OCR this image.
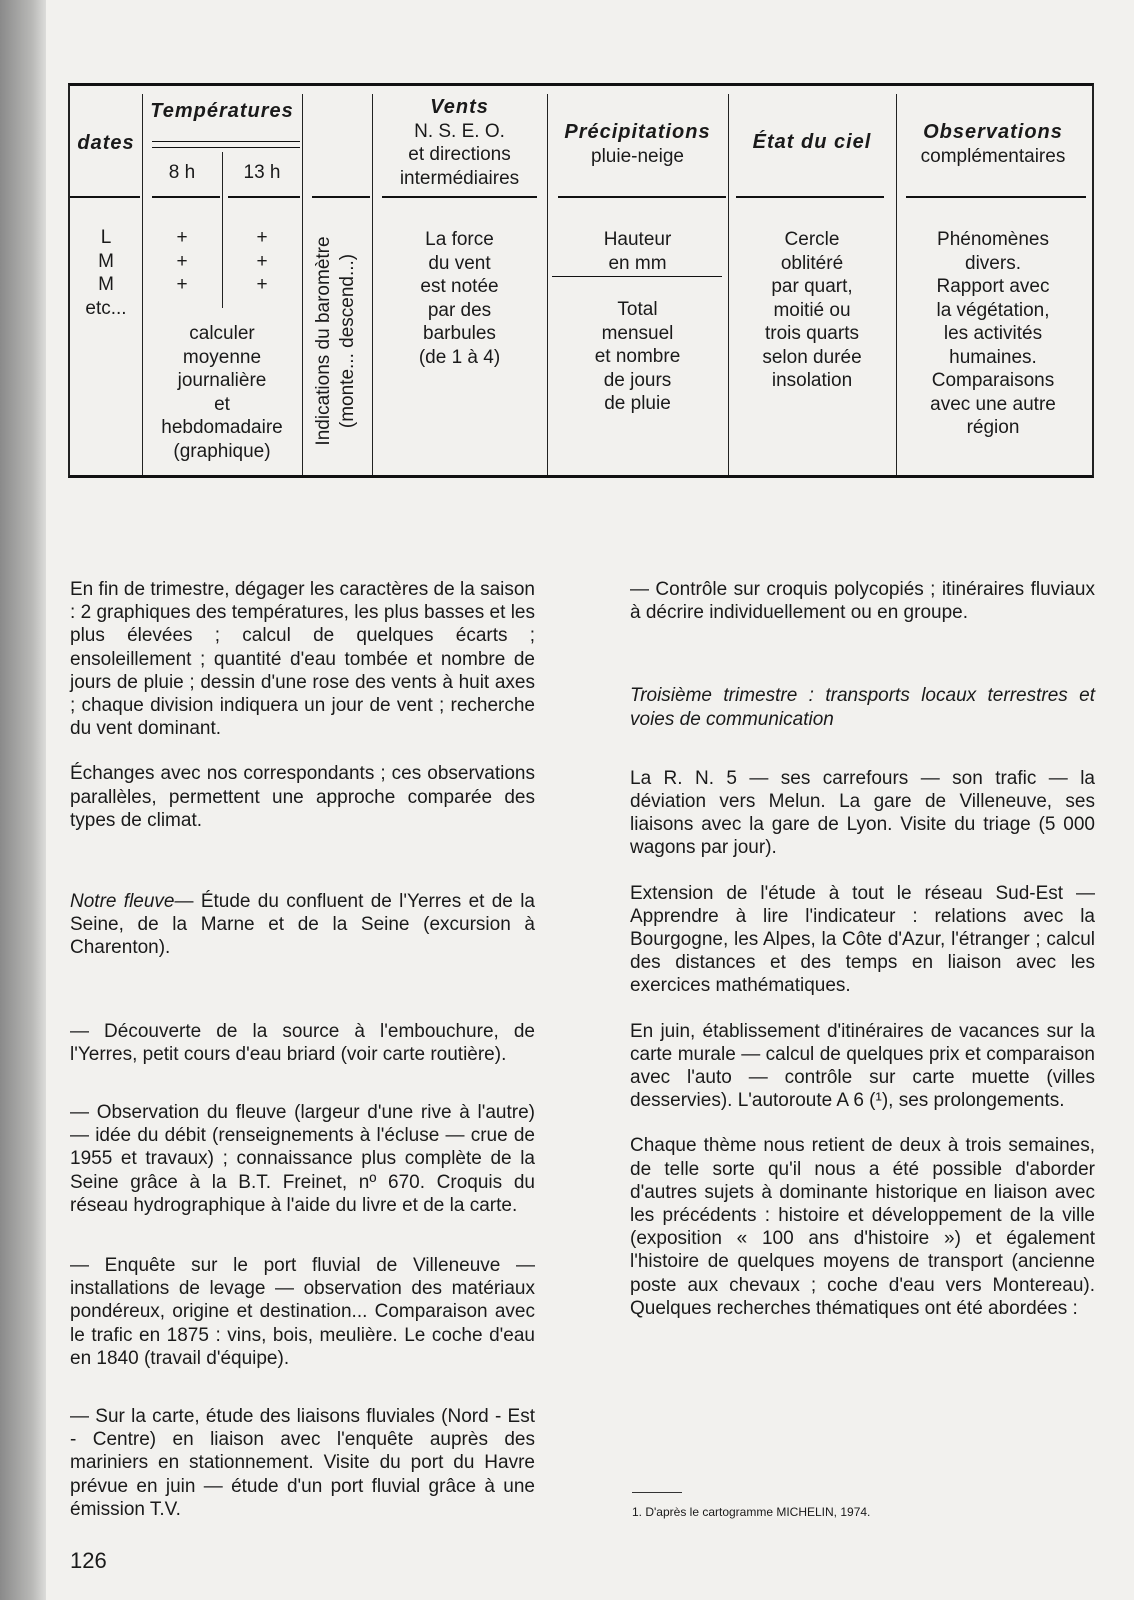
dates
L
M
M
etc...
Températures
8 h	13 h
+
+
+
+
+
+
calculer
moyenne
journalière
et
hebdomadaire
(graphique)
Indications du baromètre (monte... descend...)
Vents
N. S. E. O.
et directions
intermédiaires
La force
du vent
est notée
par des
barbules
(de 1 à 4)
Précipitations
pluie-neige
Hauteur
en mm
Total
mensuel
et nombre
de jours
de pluie
État du ciel
Cercle
oblitéré
par quart,
moitié ou
trois quarts
selon durée
insolation
Observations
complémentaires
Phénomènes
divers.
Rapport avec
la végétation,
les activités
humaines.
Comparaisons
avec une autre
région

En fin de trimestre, dégager les caractères de la saison : 2 graphiques des températures, les plus basses et les plus élevées ; calcul de quelques écarts ; ensoleillement ; quantité d'eau tombée et nombre de jours de pluie ; dessin d'une rose des vents à huit axes ; chaque division indiquera un jour de vent ; recherche du vent dominant.

Échanges avec nos correspondants ; ces observations parallèles, permettent une approche comparée des types de climat.

Notre fleuve— Étude du confluent de l'Yerres et de la Seine, de la Marne et de la Seine (excursion à Charenton).

— Découverte de la source à l'embouchure, de l'Yerres, petit cours d'eau briard (voir carte routière).

— Observation du fleuve (largeur d'une rive à l'autre) — idée du débit (renseignements à l'écluse — crue de 1955 et travaux) ; connaissance plus complète de la Seine grâce à la B.T. Freinet, nº 670. Croquis du réseau hydrographique à l'aide du livre et de la carte.

— Enquête sur le port fluvial de Villeneuve — installations de levage — observation des matériaux pondéreux, origine et destination... Comparaison avec le trafic en 1875 : vins, bois, meulière. Le coche d'eau en 1840 (travail d'équipe).

— Sur la carte, étude des liaisons fluviales (Nord - Est - Centre) en liaison avec l'enquête auprès des mariniers en stationnement. Visite du port du Havre prévue en juin — étude d'un port fluvial grâce à une émission T.V.

— Contrôle sur croquis polycopiés ; itinéraires fluviaux à décrire individuellement ou en groupe.

Troisième trimestre : transports locaux terrestres et voies de communication

La R. N. 5 — ses carrefours — son trafic — la déviation vers Melun. La gare de Villeneuve, ses liaisons avec la gare de Lyon. Visite du triage (5 000 wagons par jour).

Extension de l'étude à tout le réseau Sud-Est — Apprendre à lire l'indicateur : relations avec la Bourgogne, les Alpes, la Côte d'Azur, l'étranger ; calcul des distances et des temps en liaison avec les exercices mathématiques.

En juin, établissement d'itinéraires de vacances sur la carte murale — calcul de quelques prix et comparaison avec l'auto — contrôle sur carte muette (villes desservies). L'autoroute A 6 (¹), ses prolongements.

Chaque thème nous retient de deux à trois semaines, de telle sorte qu'il nous a été possible d'aborder d'autres sujets à dominante historique en liaison avec les précédents : histoire et développement de la ville (exposition « 100 ans d'histoire ») et également l'histoire de quelques moyens de transport (ancienne poste aux chevaux ; coche d'eau vers Montereau). Quelques recherches thématiques ont été abordées :

1. D'après le cartogramme MICHELIN, 1974.
126
